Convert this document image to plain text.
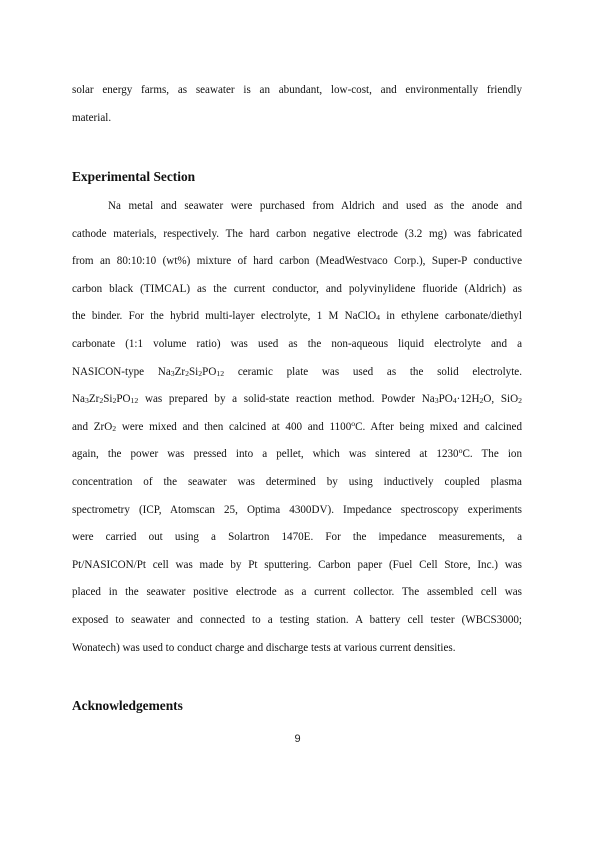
solar energy farms, as seawater is an abundant, low-cost, and environmentally friendly
material.
Experimental Section
Na metal and seawater were purchased from Aldrich and used as the anode and
cathode materials, respectively. The hard carbon negative electrode (3.2 mg) was fabricated
from an 80:10:10 (wt%) mixture of hard carbon (MeadWestvaco Corp.), Super-P conductive
carbon black (TIMCAL) as the current conductor, and polyvinylidene fluoride (Aldrich) as
the binder. For the hybrid multi-layer electrolyte, 1 M NaClO$_4$ in ethylene carbonate/diethyl
carbonate (1:1 volume ratio) was used as the non-aqueous liquid electrolyte and a
NASICON-type $Na_3Zr_2Si_2PO_{12}$ ceramic plate was used as the solid electrolyte.
$Na_3Zr_2Si_2PO_{12}$ was prepared by a solid-state reaction method. Powder $Na_3PO_4\cdot 12H_2O$, SiO$_2$
and ZrO$_2$ were mixed and then calcined at 400 and 1100$^o$C. After being mixed and calcined
again, the power was pressed into a pellet, which was sintered at 1230$^o$C. The ion
concentration of the seawater was determined by using inductively coupled plasma
spectrometry (ICP, Atomscan 25, Optima 4300DV). Impedance spectroscopy experiments
were carried out using a Solartron 1470E. For the impedance measurements, a
Pt/NASICON/Pt cell was made by Pt sputtering. Carbon paper (Fuel Cell Store, Inc.) was
placed in the seawater positive electrode as a current collector. The assembled cell was
exposed to seawater and connected to a testing station. A battery cell tester (WBCS3000;
Wonatech) was used to conduct charge and discharge tests at various current densities.
Acknowledgements
9
